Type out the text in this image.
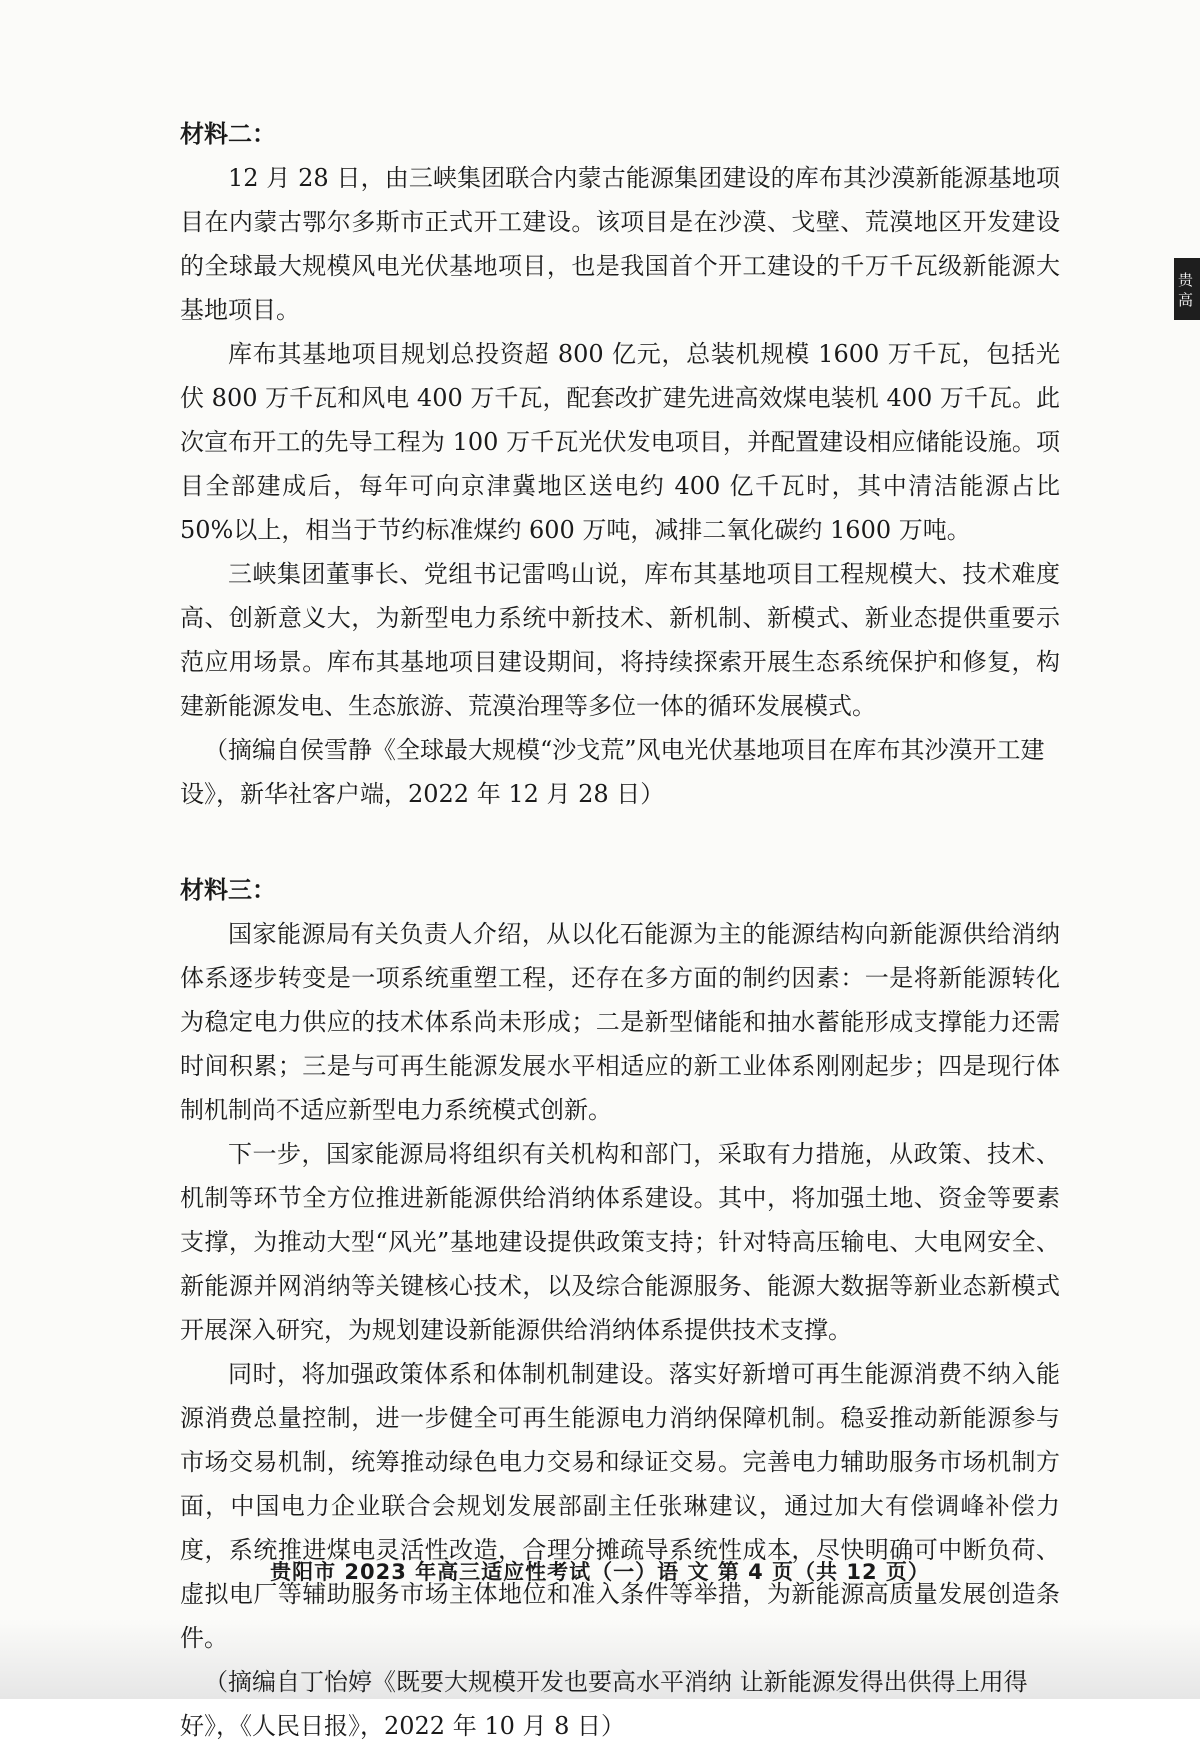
贵 高

材料二：

12 月 28 日，由三峡集团联合内蒙古能源集团建设的库布其沙漠新能源基地项目在内蒙古鄂尔多斯市正式开工建设。该项目是在沙漠、戈壁、荒漠地区开发建设的全球最大规模风电光伏基地项目，也是我国首个开工建设的千万千瓦级新能源大基地项目。

库布其基地项目规划总投资超 800 亿元，总装机规模 1600 万千瓦，包括光伏 800 万千瓦和风电 400 万千瓦，配套改扩建先进高效煤电装机 400 万千瓦。此次宣布开工的先导工程为 100 万千瓦光伏发电项目，并配置建设相应储能设施。项目全部建成后，每年可向京津冀地区送电约 400 亿千瓦时，其中清洁能源占比 50%以上，相当于节约标准煤约 600 万吨，减排二氧化碳约 1600 万吨。

三峡集团董事长、党组书记雷鸣山说，库布其基地项目工程规模大、技术难度高、创新意义大，为新型电力系统中新技术、新机制、新模式、新业态提供重要示范应用场景。库布其基地项目建设期间，将持续探索开展生态系统保护和修复，构建新能源发电、生态旅游、荒漠治理等多位一体的循环发展模式。

（摘编自侯雪静《全球最大规模“沙戈荒”风电光伏基地项目在库布其沙漠开工建设》，新华社客户端，2022 年 12 月 28 日）

材料三：

国家能源局有关负责人介绍，从以化石能源为主的能源结构向新能源供给消纳体系逐步转变是一项系统重塑工程，还存在多方面的制约因素：一是将新能源转化为稳定电力供应的技术体系尚未形成；二是新型储能和抽水蓄能形成支撑能力还需时间积累；三是与可再生能源发展水平相适应的新工业体系刚刚起步；四是现行体制机制尚不适应新型电力系统模式创新。

下一步，国家能源局将组织有关机构和部门，采取有力措施，从政策、技术、机制等环节全方位推进新能源供给消纳体系建设。其中，将加强土地、资金等要素支撑，为推动大型“风光”基地建设提供政策支持；针对特高压输电、大电网安全、新能源并网消纳等关键核心技术，以及综合能源服务、能源大数据等新业态新模式开展深入研究，为规划建设新能源供给消纳体系提供技术支撑。

同时，将加强政策体系和体制机制建设。落实好新增可再生能源消费不纳入能源消费总量控制，进一步健全可再生能源电力消纳保障机制。稳妥推动新能源参与市场交易机制，统筹推动绿色电力交易和绿证交易。完善电力辅助服务市场机制方面，中国电力企业联合会规划发展部副主任张琳建议，通过加大有偿调峰补偿力度，系统推进煤电灵活性改造，合理分摊疏导系统性成本，尽快明确可中断负荷、虚拟电厂等辅助服务市场主体地位和准入条件等举措，为新能源高质量发展创造条件。

（摘编自丁怡婷《既要大规模开发也要高水平消纳 让新能源发得出供得上用得好》，《人民日报》，2022 年 10 月 8 日）

贵阳市 2023 年高三适应性考试（一）语 文 第 4 页（共 12 页）
